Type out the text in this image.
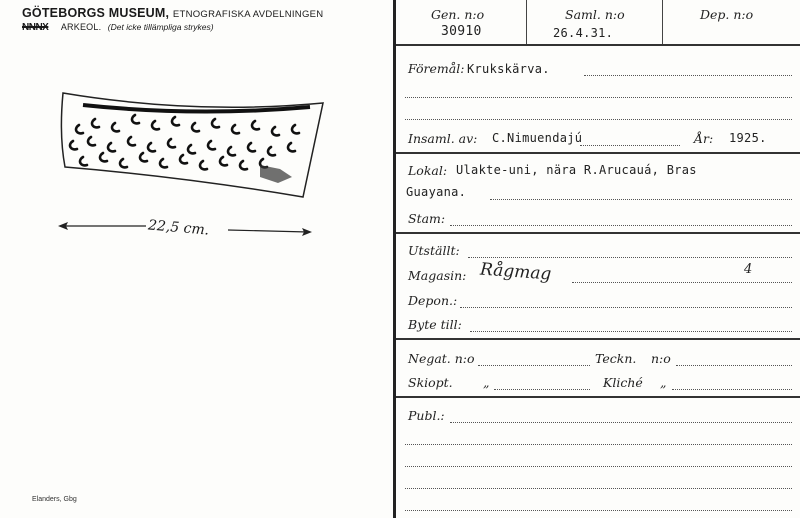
GÖTEBORGS MUSEUM, ETNOGRAFISKA AVDELNINGEN
NNNX ARKEOL. (Det icke tillämpliga strykes)
22,5 cm.
Elanders, Gbg
Gen. n:o
30910
Saml. n:o
26.4.31.
Dep. n:o
Föremål: Krukskärva.
Insaml. av: C.Nimuendajú	År: 1925.
Lokal: Ulakte-uni, nära R.Arucauá, Bras
Guayana.
Stam:
Utställt:
Magasin: Rågmag	4
Depon.:
Byte till:
Negat. n:o	Teckn. n:o
Skiopt. „	Kliché „
Publ.:
